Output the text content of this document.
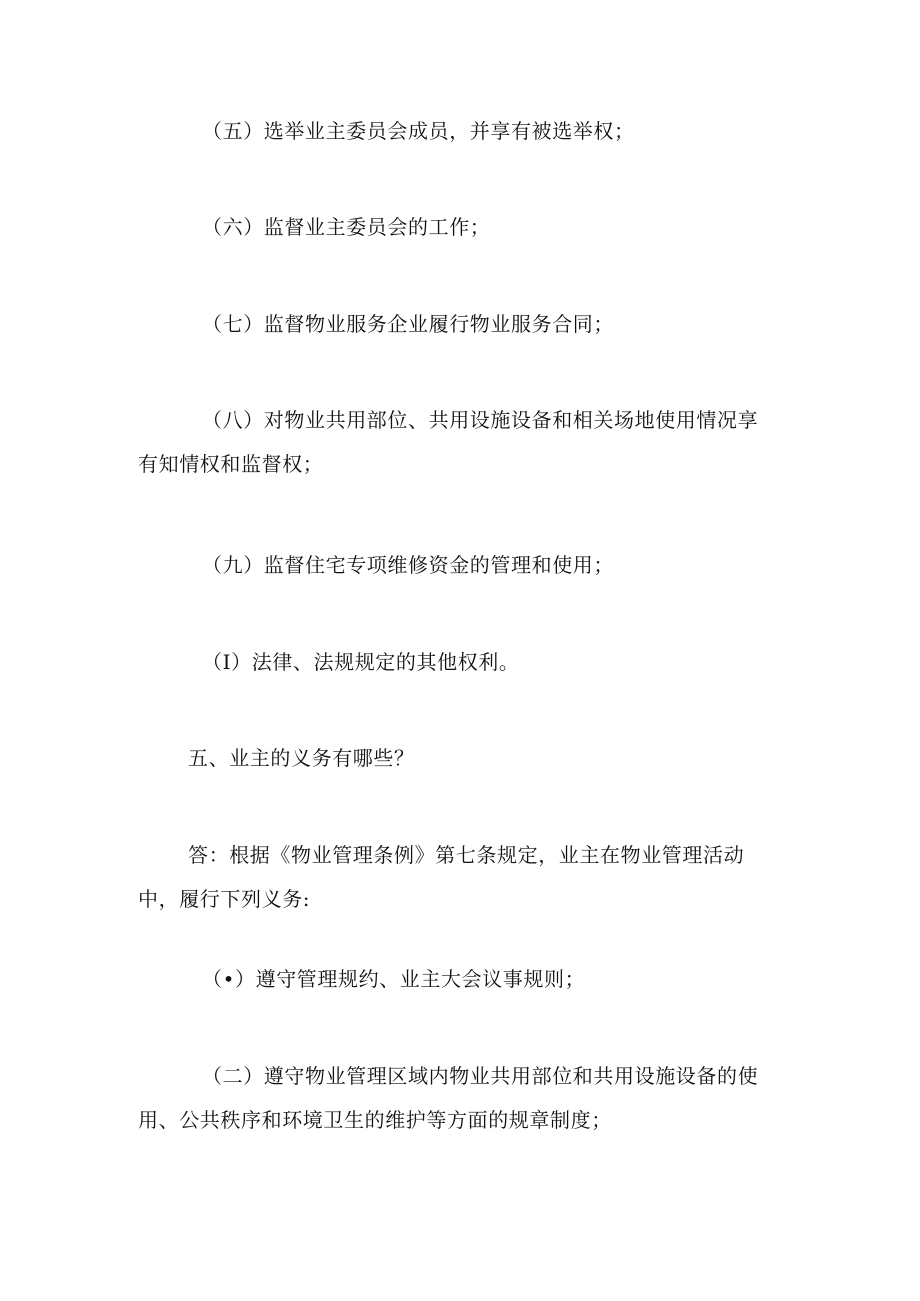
（五）选举业主委员会成员，并享有被选举权；

（六）监督业主委员会的工作；

（七）监督物业服务企业履行物业服务合同；

（八）对物业共用部位、共用设施设备和相关场地使用情况享
有知情权和监督权；

（九）监督住宅专项维修资金的管理和使用；

（I）法律、法规规定的其他权利。

五、业主的义务有哪些？

答：根据《物业管理条例》第七条规定，业主在物业管理活动
中，履行下列义务:

（•）遵守管理规约、业主大会议事规则；

（二）遵守物业管理区域内物业共用部位和共用设施设备的使
用、公共秩序和环境卫生的维护等方面的规章制度；
